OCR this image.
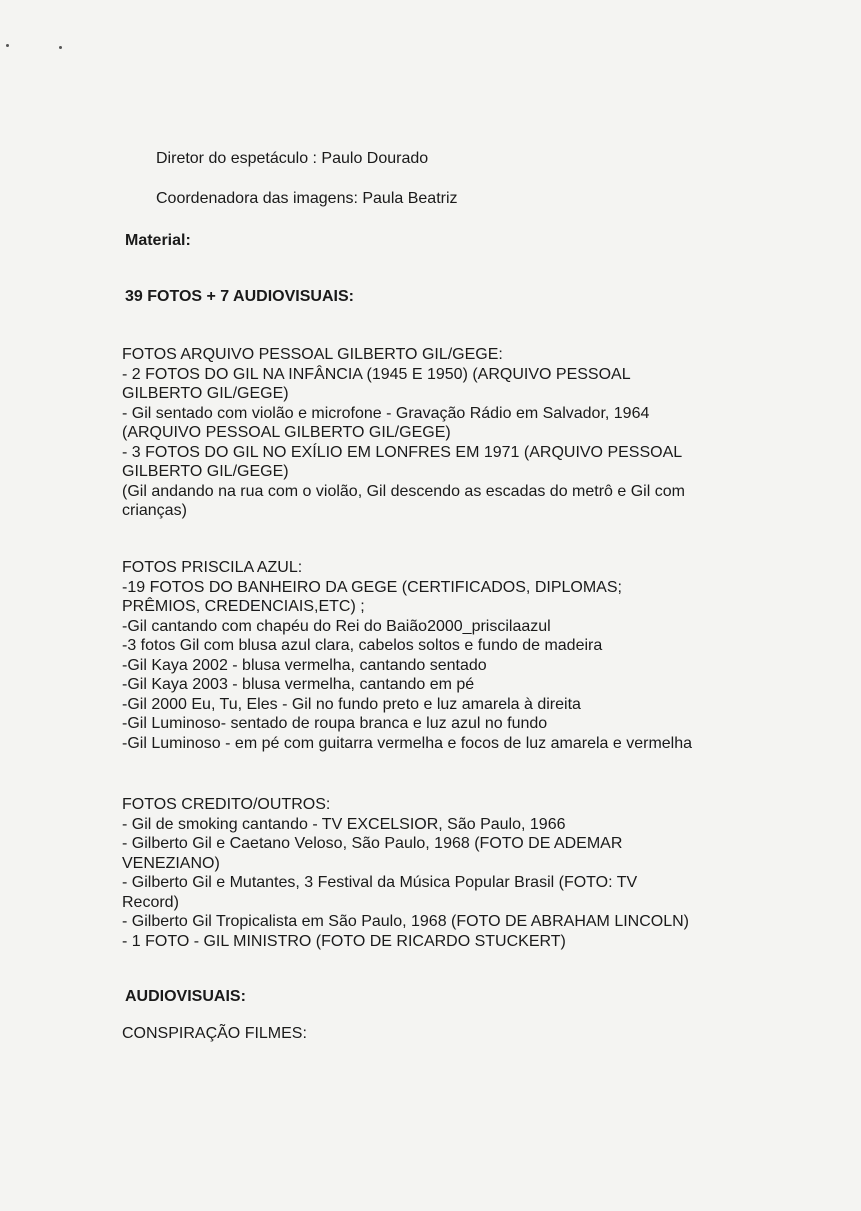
Diretor do espetáculo : Paulo Dourado
Coordenadora das imagens: Paula Beatriz
Material:
39 FOTOS + 7 AUDIOVISUAIS:
FOTOS ARQUIVO PESSOAL GILBERTO GIL/GEGE:
- 2 FOTOS DO GIL NA INFÂNCIA (1945 E 1950) (ARQUIVO PESSOAL
GILBERTO GIL/GEGE)
- Gil sentado com violão e microfone - Gravação Rádio em Salvador, 1964
(ARQUIVO PESSOAL GILBERTO GIL/GEGE)
- 3 FOTOS DO GIL NO EXÍLIO EM LONFRES EM 1971 (ARQUIVO PESSOAL
GILBERTO GIL/GEGE)
(Gil andando na rua com o violão, Gil descendo as escadas do metrô e Gil com
crianças)
FOTOS PRISCILA AZUL:
-19 FOTOS DO BANHEIRO DA GEGE (CERTIFICADOS, DIPLOMAS;
PRÊMIOS, CREDENCIAIS,ETC) ;
-Gil cantando com chapéu do Rei do Baião2000_priscilaazul
-3 fotos Gil com blusa azul clara, cabelos soltos e fundo de madeira
-Gil Kaya 2002 - blusa vermelha, cantando sentado
-Gil Kaya 2003 - blusa vermelha, cantando em pé
-Gil 2000 Eu, Tu, Eles - Gil no fundo preto e luz amarela à direita
-Gil Luminoso- sentado de roupa branca e luz azul no fundo
-Gil Luminoso - em pé com guitarra vermelha e focos de luz amarela e vermelha
FOTOS CREDITO/OUTROS:
- Gil de smoking cantando - TV EXCELSIOR, São Paulo, 1966
- Gilberto Gil e Caetano Veloso, São Paulo, 1968 (FOTO DE ADEMAR
VENEZIANO)
- Gilberto Gil e Mutantes, 3 Festival da Música Popular Brasil (FOTO: TV
Record)
- Gilberto Gil Tropicalista em São Paulo, 1968 (FOTO DE ABRAHAM LINCOLN)
- 1 FOTO - GIL MINISTRO (FOTO DE RICARDO STUCKERT)
AUDIOVISUAIS:
CONSPIRAÇÃO FILMES:
